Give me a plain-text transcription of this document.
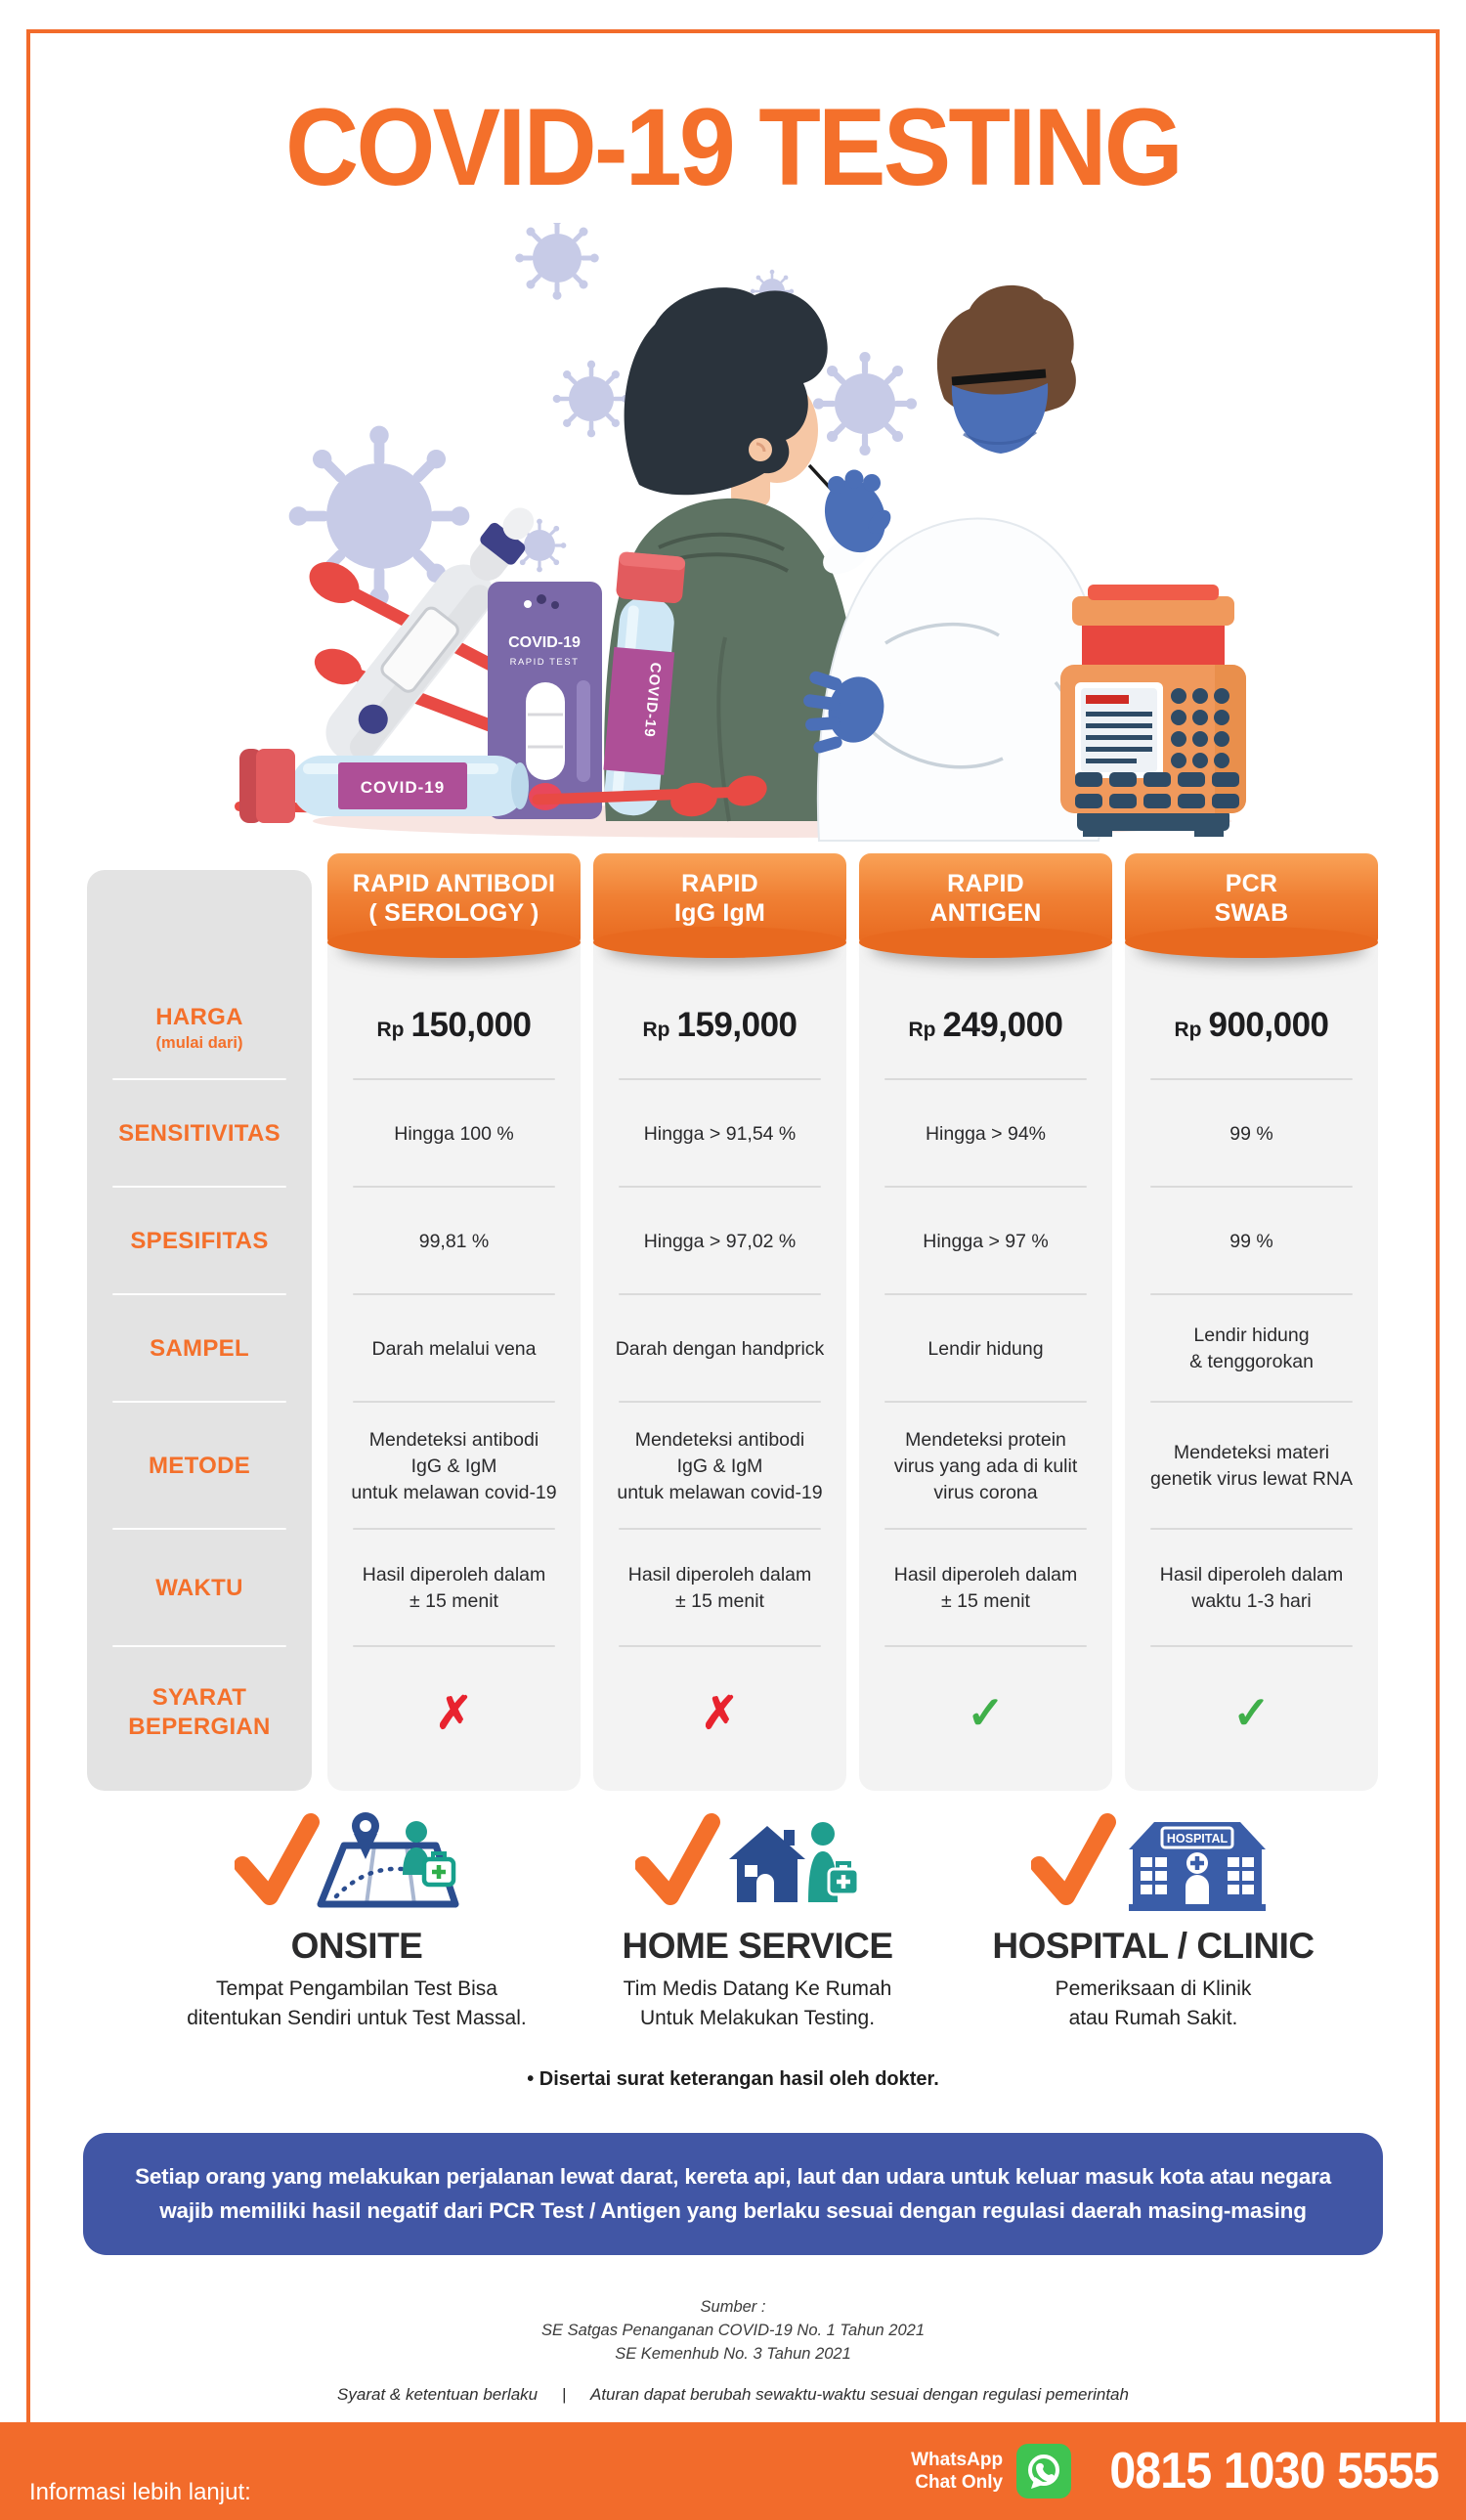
COVID-19 TESTING
COVID-19
RAPID TEST	COVID-19
COVID-19
HARGA
(mulai dari)
SENSITIVITAS
SPESIFITAS
SAMPEL
METODE
WAKTU
SYARAT
BEPERGIAN
RAPID ANTIBODI
( SEROLOGY )
Rp 150,000
Hingga 100 %
99,81 %
Darah melalui vena
Mendeteksi antibodi
IgG & IgM
untuk melawan covid-19
Hasil diperoleh dalam
± 15 menit
✗
RAPID
IgG IgM
Rp 159,000
Hingga > 91,54 %
Hingga > 97,02 %
Darah dengan handprick
Mendeteksi antibodi
IgG & IgM
untuk melawan covid-19
Hasil diperoleh dalam
± 15 menit
✗
RAPID
ANTIGEN
Rp 249,000
Hingga > 94%
Hingga > 97 %
Lendir hidung
Mendeteksi protein
virus yang ada di kulit
virus corona
Hasil diperoleh dalam
± 15 menit
✓
PCR
SWAB
Rp 900,000
99 %
99 %
Lendir hidung
& tenggorokan
Mendeteksi materi
genetik virus lewat RNA
Hasil diperoleh dalam
waktu 1-3 hari
✓
ONSITE
Tempat Pengambilan Test Bisa
ditentukan Sendiri untuk Test Massal.
HOME SERVICE
Tim Medis Datang Ke Rumah
Untuk Melakukan Testing.
HOSPITAL
HOSPITAL / CLINIC
Pemeriksaan di Klinik
atau Rumah Sakit.
• Disertai surat keterangan hasil oleh dokter.

Setiap orang yang melakukan perjalanan lewat darat, kereta api, laut dan udara untuk keluar masuk kota atau negara

wajib memiliki hasil negatif dari PCR Test / Antigen yang berlaku sesuai dengan regulasi daerah masing-masing

Sumber :
SE Satgas Penanganan COVID-19 No. 1 Tahun 2021
SE Kemenhub No. 3 Tahun 2021
Syarat & ketentuan berlaku | Aturan dapat berubah sewaktu-waktu sesuai dengan regulasi pemerintah
Informasi lebih lanjut:
WhatsApp
Chat Only 0815 1030 5555
